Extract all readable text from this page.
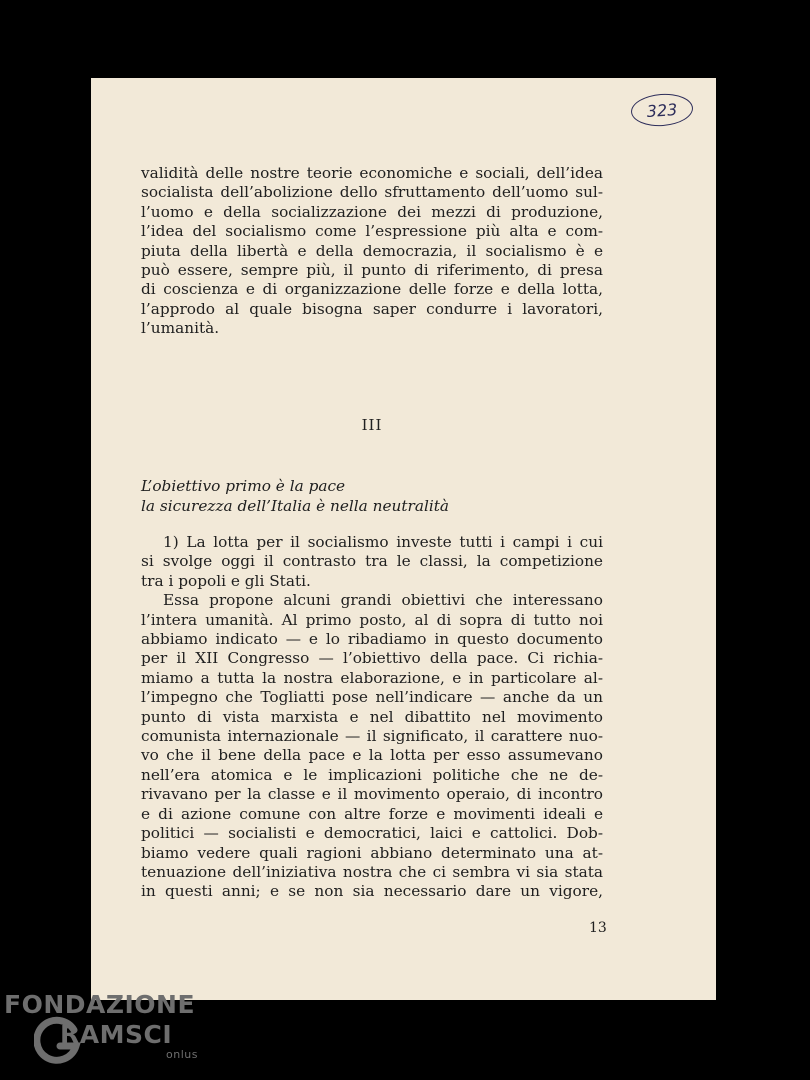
323

validità delle nostre teorie economiche e sociali, dell’idea
socialista dell’abolizione dello sfruttamento dell’uomo sul-
l’uomo e della socializzazione dei mezzi di produzione,
l’idea del socialismo come l’espressione più alta e com-
piuta della libertà e della democrazia, il socialismo è e
può essere, sempre più, il punto di riferimento, di presa
di coscienza e di organizzazione delle forze e della lotta,
l’approdo al quale bisogna saper condurre i lavoratori,
l’umanità.

III
L’obiettivo primo è la pace
la sicurezza dell’Italia è nella neutralità

1) La lotta per il socialismo investe tutti i campi i cui
si svolge oggi il contrasto tra le classi, la competizione
tra i popoli e gli Stati.

Essa propone alcuni grandi obiettivi che interessano
l’intera umanità. Al primo posto, al di sopra di tutto noi
abbiamo indicato — e lo ribadiamo in questo documento
per il XII Congresso — l’obiettivo della pace. Ci richia-
miamo a tutta la nostra elaborazione, e in particolare al-
l’impegno che Togliatti pose nell’indicare — anche da un
punto di vista marxista e nel dibattito nel movimento
comunista internazionale — il significato, il carattere nuo-
vo che il bene della pace e la lotta per esso assumevano
nell’era atomica e le implicazioni politiche che ne de-
rivavano per la classe e il movimento operaio, di incontro
e di azione comune con altre forze e movimenti ideali e
politici — socialisti e democratici, laici e cattolici. Dob-
biamo vedere quali ragioni abbiano determinato una at-
tenuazione dell’iniziativa nostra che ci sembra vi sia stata
in questi anni; e se non sia necessario dare un vigore,

13
FONDAZIONE
RAMSCI
onlus
